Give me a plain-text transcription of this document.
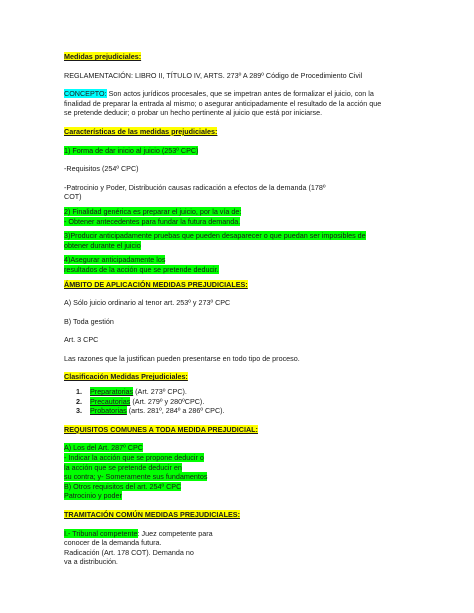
Medidas prejudiciales:

REGLAMENTACIÓN: LIBRO II, TÍTULO IV, ARTS. 273º A 289º Código de Procedimiento Civil

CONCEPTO: Son actos jurídicos procesales, que se impetran antes de formalizar el juicio, con la

finalidad de preparar la entrada al mismo; o asegurar anticipadamente el resultado de la acción que

se pretende deducir; o probar un hecho pertinente al juicio que está por iniciarse.

Características de las medidas prejudiciales:

1) Forma de dar inicio al juicio (253º CPC)

-Requisitos (254º CPC)

-Patrocinio y Poder, Distribución causas radicación a efectos de la demanda (178º

COT)

2) Finalidad genérica es preparar el juicio, por la vía de:

- Obtener antecedentes para fundar la futura demanda.

3)Producir anticipadamente pruebas que pueden desaparecer o que puedan ser imposibles de

obtener durante el juicio

4)Asegurar anticipadamente los

resultados de la acción que se pretende deducir.

ÁMBITO DE APLICACIÓN MEDIDAS PREJUDICIALES:

A) Sólo juicio ordinario al tenor art. 253º y 273º CPC

B) Toda gestión

Art. 3 CPC

Las razones que la justifican pueden presentarse en todo tipo de proceso.

Clasificación Medidas Prejudiciales:

1. Preparatorias (Art. 273º CPC).

2. Precautorias (Art. 279º y 280ºCPC).

3. Probatorias (arts. 281º, 284º a 286º CPC).

REQUISITOS COMUNES A TODA MEDIDA PREJUDICIAL:

A) Los del Art. 287º CPC

- Indicar la acción que se propone deducir o

la acción que se pretende deducir en

su contra; y- Someramente sus fundamentos

B) Otros requisitos del art. 254º CPC

Patrocinio y poder

TRAMITACIÓN COMÚN MEDIDAS PREJUDICIALES:

I.- Tribunal competente: Juez competente para

conocer de la demanda futura.

Radicación (Art. 178 COT). Demanda no

va a distribución.
